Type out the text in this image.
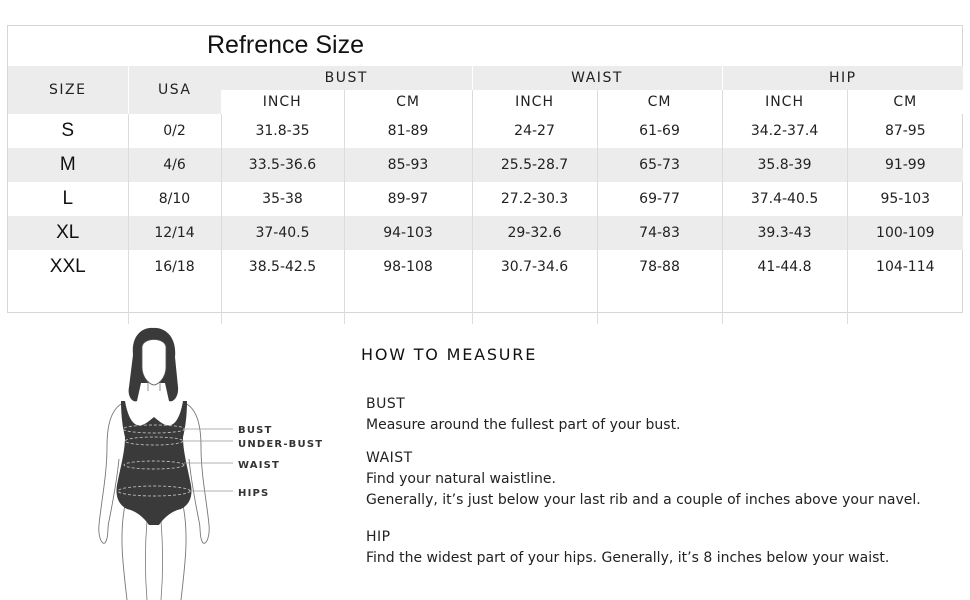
Refrence Size
SIZE	USA	BUST		WAIST		HIP	
		INCH	CM	INCH	CM	INCH	CM
S	0/2	31.8-35	81-89	24-27	61-69	34.2-37.4	87-95
M	4/6	33.5-36.6	85-93	25.5-28.7	65-73	35.8-39	91-99
L	8/10	35-38	89-97	27.2-30.3	69-77	37.4-40.5	95-103
XL	12/14	37-40.5	94-103	29-32.6	74-83	39.3-43	100-109
XXL	16/18	38.5-42.5	98-108	30.7-34.6	78-88	41-44.8	104-114

BUST
UNDER-BUST
WAIST
HIPS
HOW TO MEASURE

BUST

Measure around the fullest part of your bust.

WAIST

Find your natural waistline.

Generally, it’s just below your last rib and a couple of inches above your navel.

HIP

Find the widest part of your hips. Generally, it’s 8 inches below your waist.
